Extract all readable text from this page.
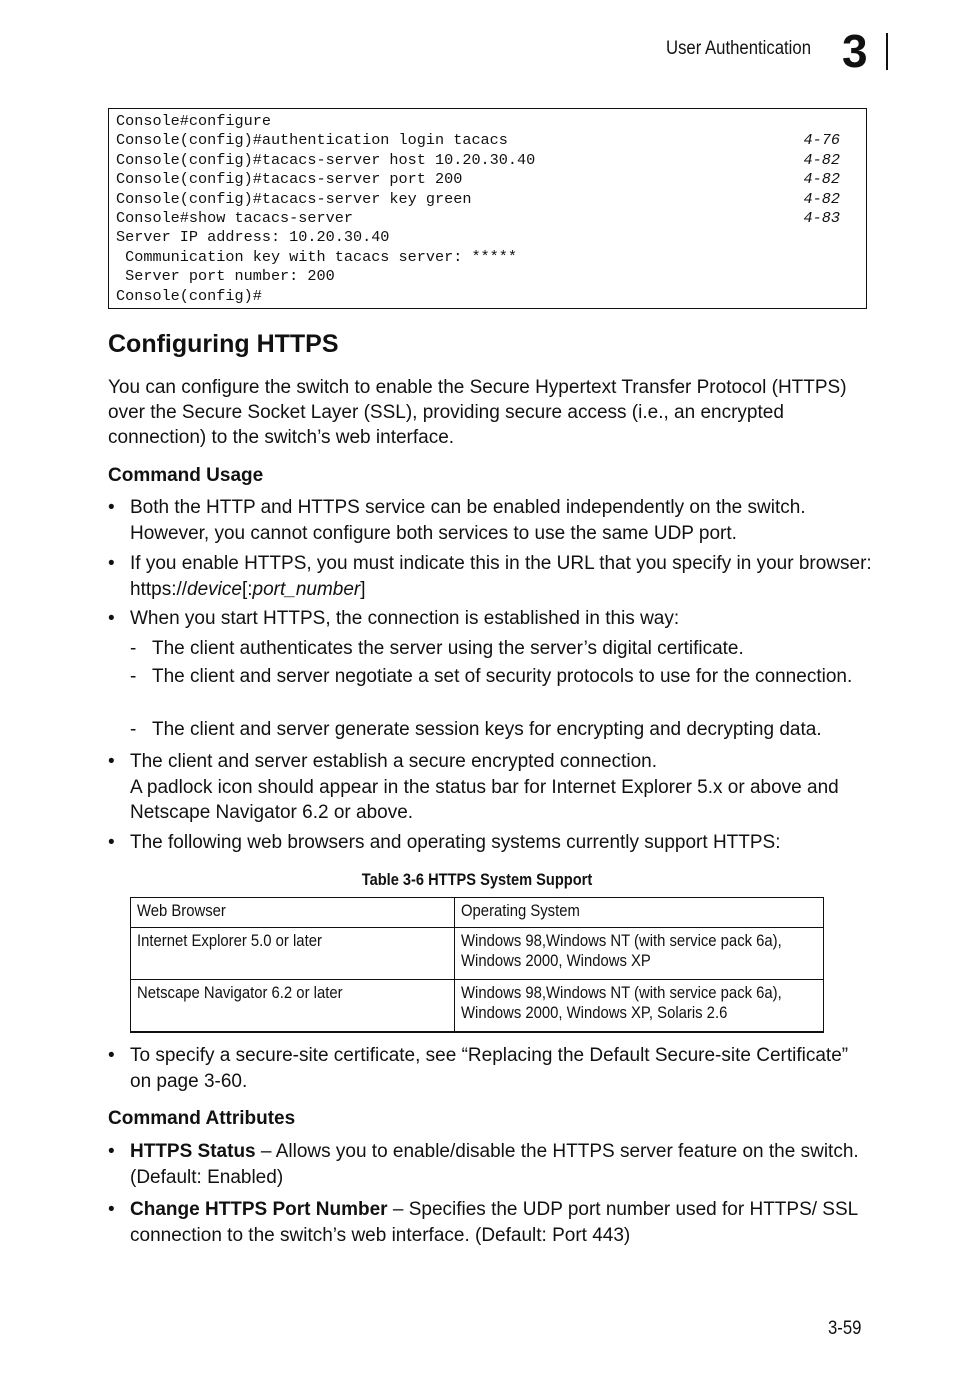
User Authentication 3
Console#configure
Console(config)#authentication login tacacs	4-76
Console(config)#tacacs-server host 10.20.30.40	4-82
Console(config)#tacacs-server port 200	4-82
Console(config)#tacacs-server key green	4-82
Console#show tacacs-server	4-83
Server IP address: 10.20.30.40
Communication key with tacacs server: *****
Server port number: 200
Console(config)#
Configuring HTTPS

You can configure the switch to enable the Secure Hypertext Transfer Protocol (HTTPS) over the Secure Socket Layer (SSL), providing secure access (i.e., an encrypted connection) to the switch’s web interface.

Command Usage
• Both the HTTP and HTTPS service can be enabled independently on the switch. However, you cannot configure both services to use the same UDP port.
• If you enable HTTPS, you must indicate this in the URL that you specify in your browser: https://device[:port_number]
• When you start HTTPS, the connection is established in this way:
- The client authenticates the server using the server’s digital certificate.
- The client and server negotiate a set of security protocols to use for the connection.
- The client and server generate session keys for encrypting and decrypting data.
• The client and server establish a secure encrypted connection.
A padlock icon should appear in the status bar for Internet Explorer 5.x or above and Netscape Navigator 6.2 or above.
• The following web browsers and operating systems currently support HTTPS:
Table 3-6 HTTPS System Support
Web Browser	Operating System
Internet Explorer 5.0 or later	Windows 98,Windows NT (with service pack 6a),
Windows 2000, Windows XP
Netscape Navigator 6.2 or later	Windows 98,Windows NT (with service pack 6a),
Windows 2000, Windows XP, Solaris 2.6
• To specify a secure-site certificate, see “Replacing the Default Secure-site Certificate” on page 3-60.
Command Attributes
• HTTPS Status – Allows you to enable/disable the HTTPS server feature on the switch. (Default: Enabled)
• Change HTTPS Port Number – Specifies the UDP port number used for HTTPS/ SSL connection to the switch’s web interface. (Default: Port 443)
3-59
